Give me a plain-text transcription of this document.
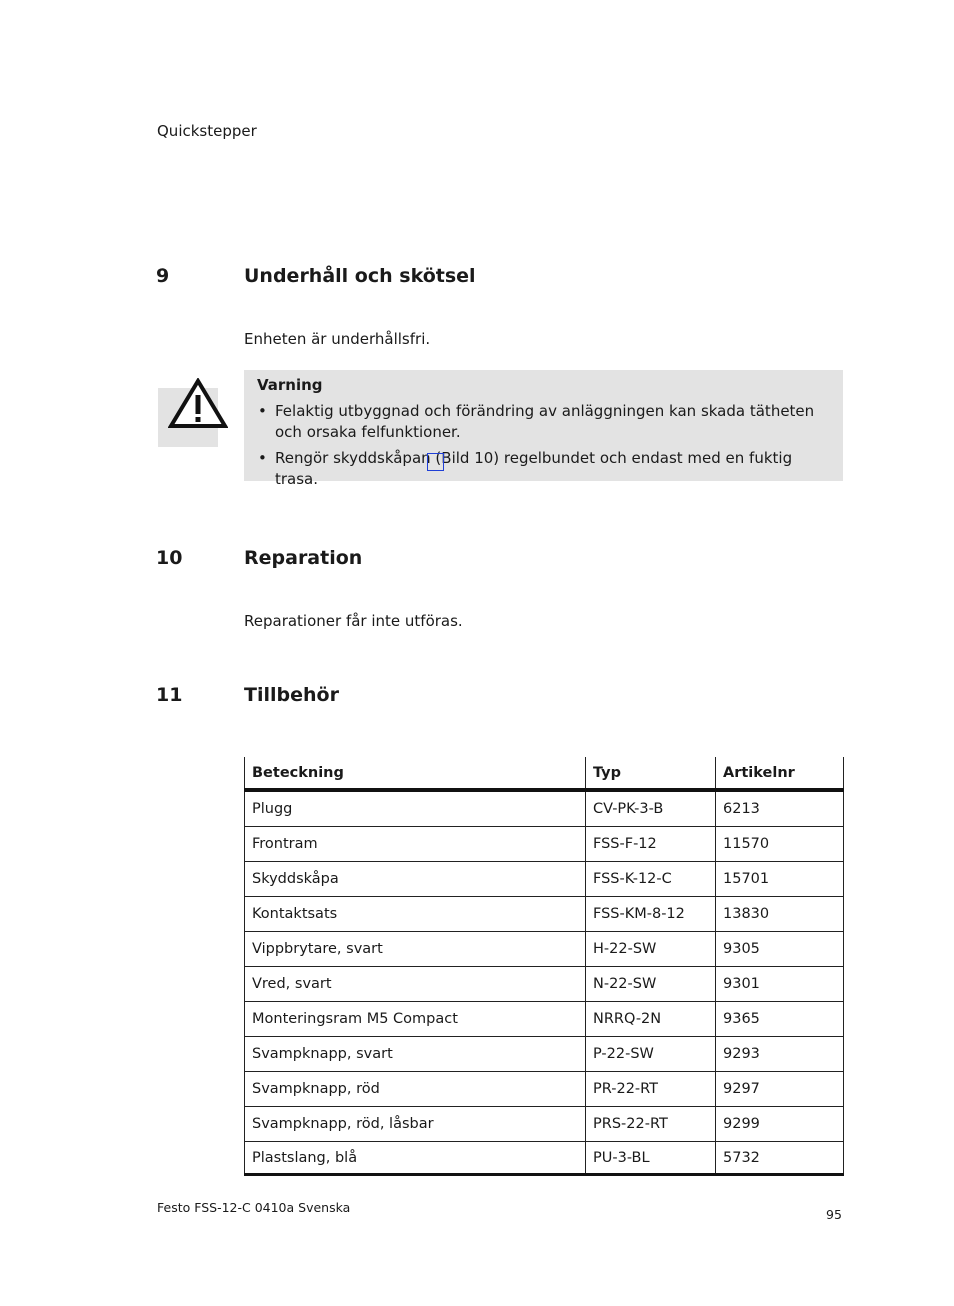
Quickstepper
9	Underhåll och skötsel
Enheten är underhållsfri.
Varning
• Felaktig utbyggnad och förändring av anläggningen kan skada tätheten och orsaka felfunktioner.
• Rengör skyddskåpan (Bild 10) regelbundet och endast med en fuktig trasa.
10	Reparation
Reparationer får inte utföras.
11	Tillbehör
Beteckning	Typ	Artikelnr
Plugg	CV-PK-3-B	6213
Frontram	FSS-F-12	11570
Skyddskåpa	FSS-K-12-C	15701
Kontaktsats	FSS-KM-8-12	13830
Vippbrytare, svart	H-22-SW	9305
Vred, svart	N-22-SW	9301
Monteringsram M5 Compact	NRRQ-2N	9365
Svampknapp, svart	P-22-SW	9293
Svampknapp, röd	PR-22-RT	9297
Svampknapp, röd, låsbar	PRS-22-RT	9299
Plastslang, blå	PU-3-BL	5732
Festo FSS-12-C 0410a Svenska	95
